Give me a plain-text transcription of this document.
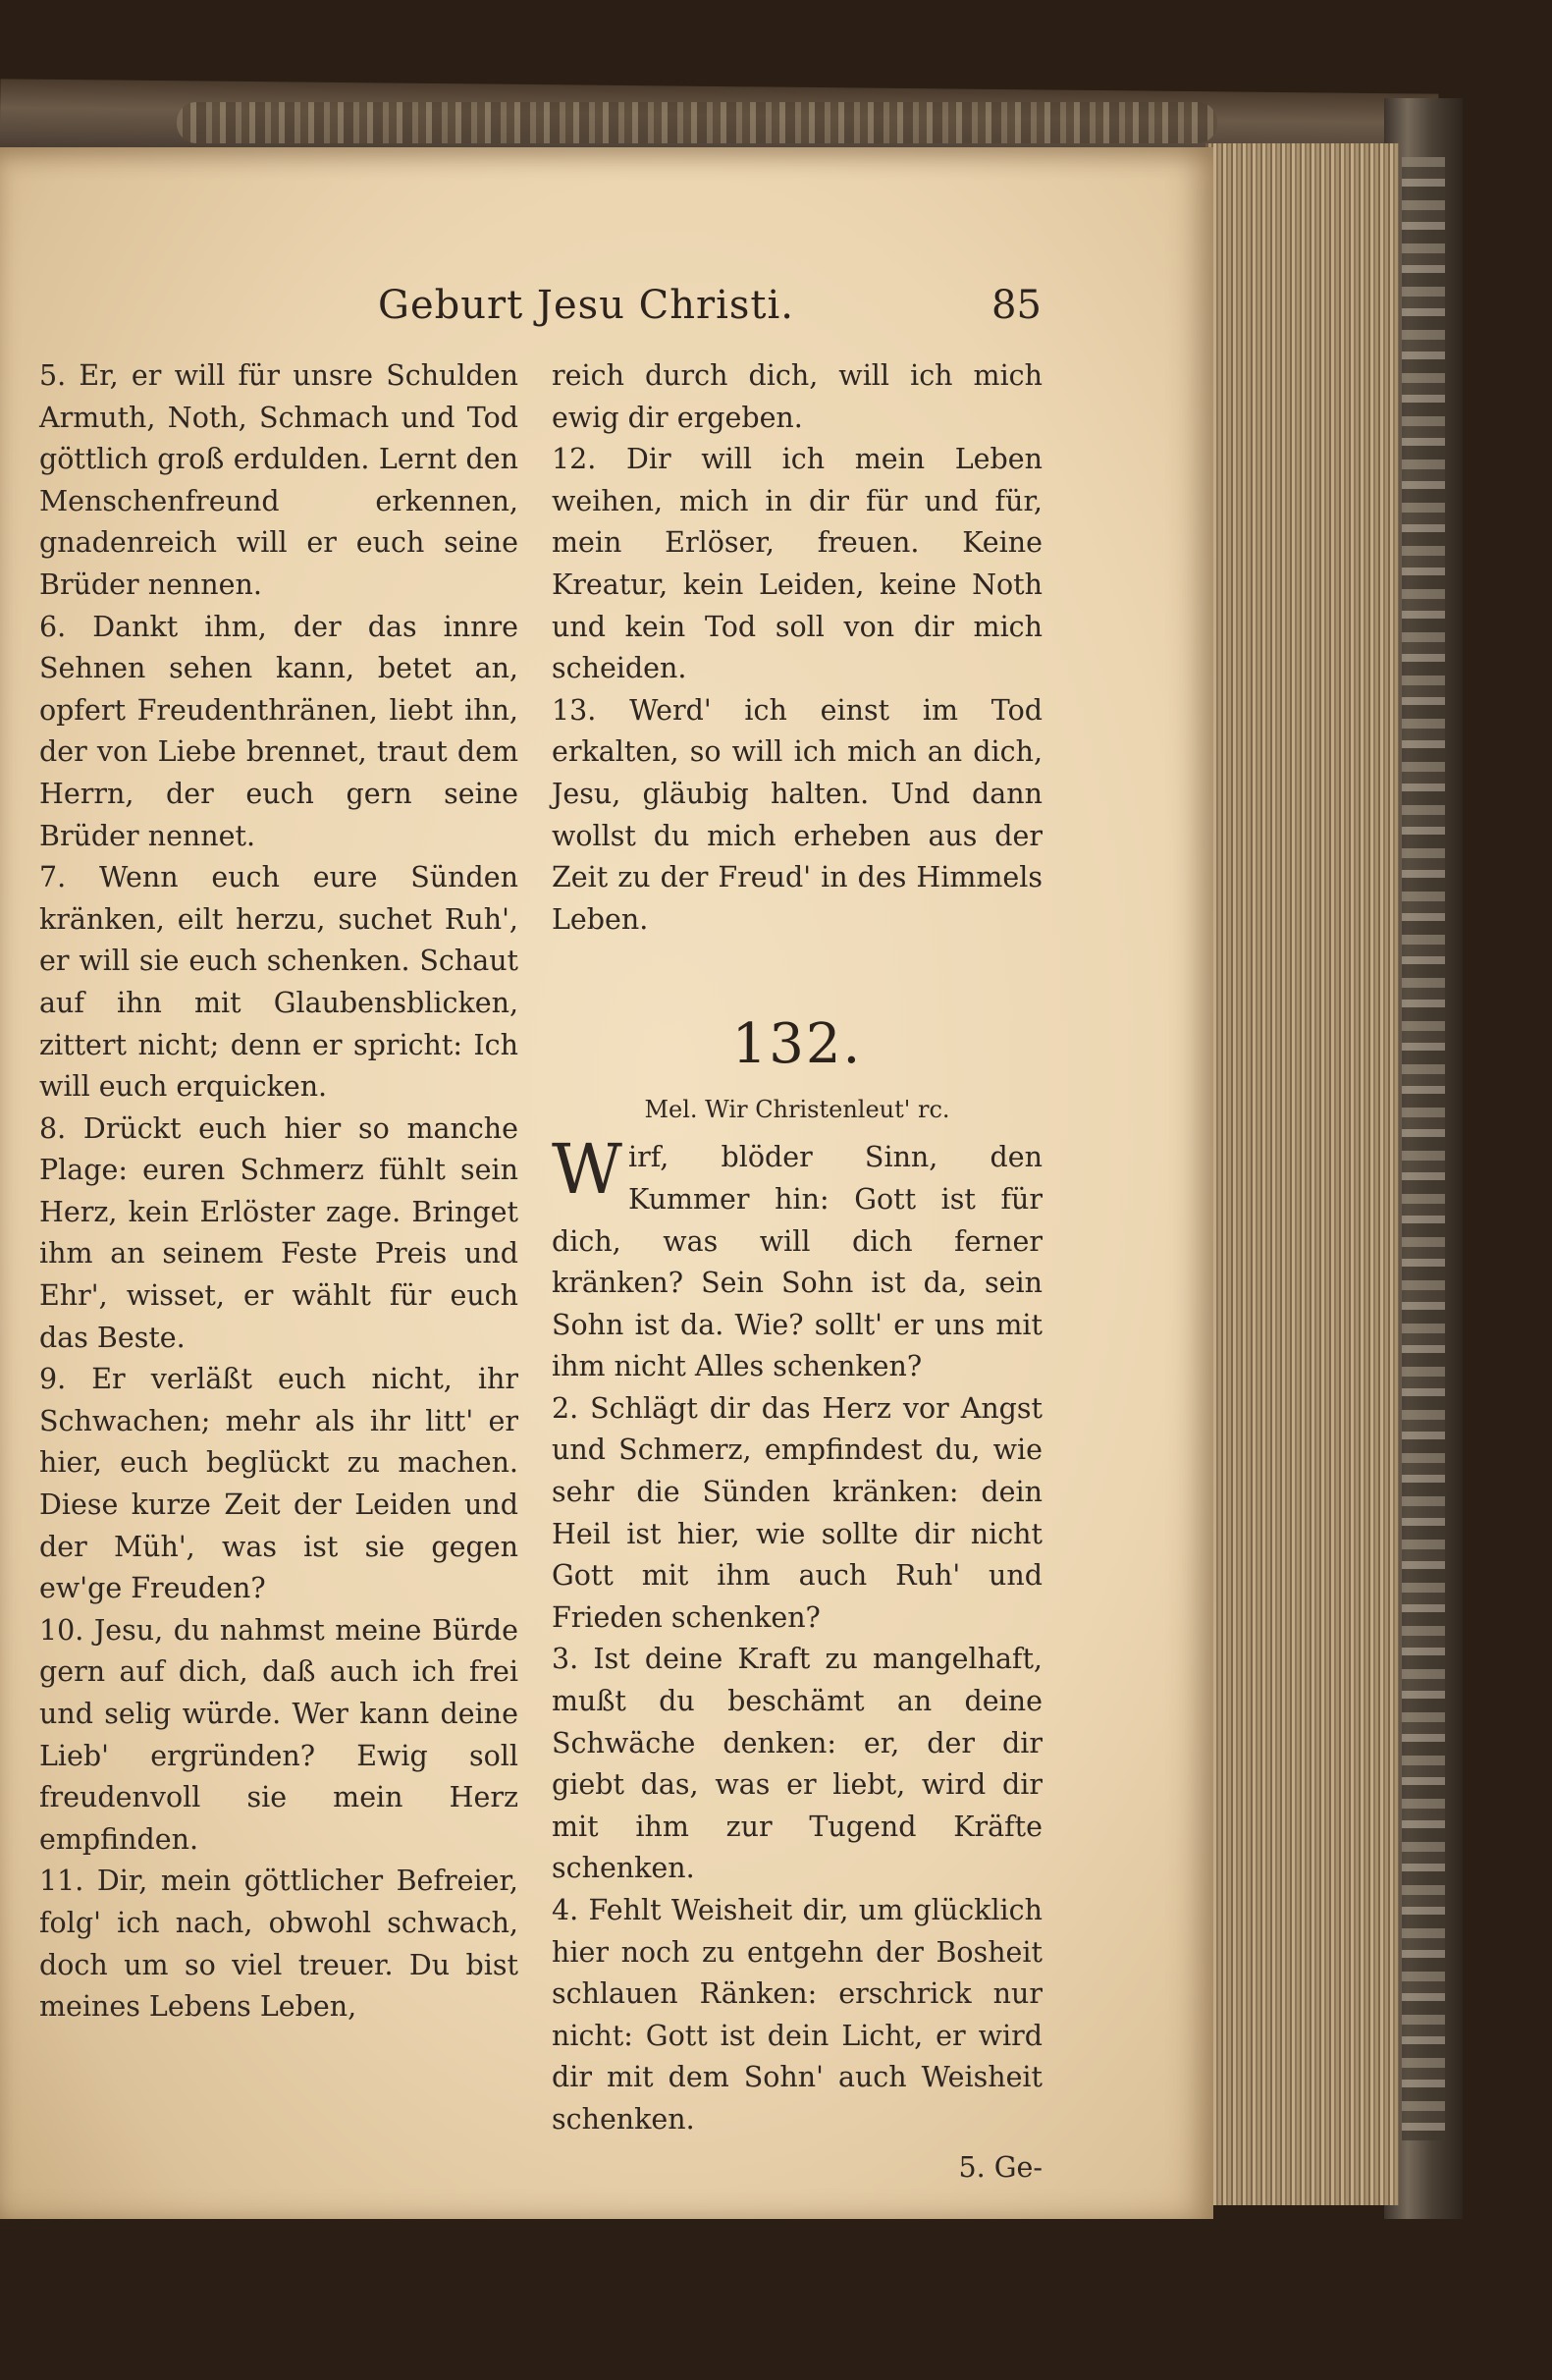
Geburt Jesu Christi.	85

5. Er, er will für unsre Schulden Armuth, Noth, Schmach und Tod göttlich groß erdulden. Lernt den Menschenfreund erkennen, gnadenreich will er euch seine Brüder nennen.

6. Dankt ihm, der das innre Sehnen sehen kann, betet an, opfert Freudenthränen, liebt ihn, der von Liebe brennet, traut dem Herrn, der euch gern seine Brüder nennet.

7. Wenn euch eure Sünden kränken, eilt herzu, suchet Ruh', er will sie euch schenken. Schaut auf ihn mit Glaubensblicken, zittert nicht; denn er spricht: Ich will euch erquicken.

8. Drückt euch hier so manche Plage: euren Schmerz fühlt sein Herz, kein Erlöster zage. Bringet ihm an seinem Feste Preis und Ehr', wisset, er wählt für euch das Beste.

9. Er verläßt euch nicht, ihr Schwachen; mehr als ihr litt' er hier, euch beglückt zu machen. Diese kurze Zeit der Leiden und der Müh', was ist sie gegen ew'ge Freuden?

10. Jesu, du nahmst meine Bürde gern auf dich, daß auch ich frei und selig würde. Wer kann deine Lieb' ergründen? Ewig soll freudenvoll sie mein Herz empfinden.

11. Dir, mein göttlicher Befreier, folg' ich nach, obwohl schwach, doch um so viel treuer. Du bist meines Lebens Leben,

reich durch dich, will ich mich ewig dir ergeben.

12. Dir will ich mein Leben weihen, mich in dir für und für, mein Erlöser, freuen. Keine Kreatur, kein Leiden, keine Noth und kein Tod soll von dir mich scheiden.

13. Werd' ich einst im Tod erkalten, so will ich mich an dich, Jesu, gläubig halten. Und dann wollst du mich erheben aus der Zeit zu der Freud' in des Himmels Leben.

132.
Mel. Wir Christenleut' rc.

Wirf, blöder Sinn, den Kummer hin: Gott ist für dich, was will dich ferner kränken? Sein Sohn ist da, sein Sohn ist da. Wie? sollt' er uns mit ihm nicht Alles schenken?

2. Schlägt dir das Herz vor Angst und Schmerz, empfindest du, wie sehr die Sünden kränken: dein Heil ist hier, wie sollte dir nicht Gott mit ihm auch Ruh' und Frieden schenken?

3. Ist deine Kraft zu mangelhaft, mußt du beschämt an deine Schwäche denken: er, der dir giebt das, was er liebt, wird dir mit ihm zur Tugend Kräfte schenken.

4. Fehlt Weisheit dir, um glücklich hier noch zu entgehn der Bosheit schlauen Ränken: erschrick nur nicht: Gott ist dein Licht, er wird dir mit dem Sohn' auch Weisheit schenken.

5. Ge-
